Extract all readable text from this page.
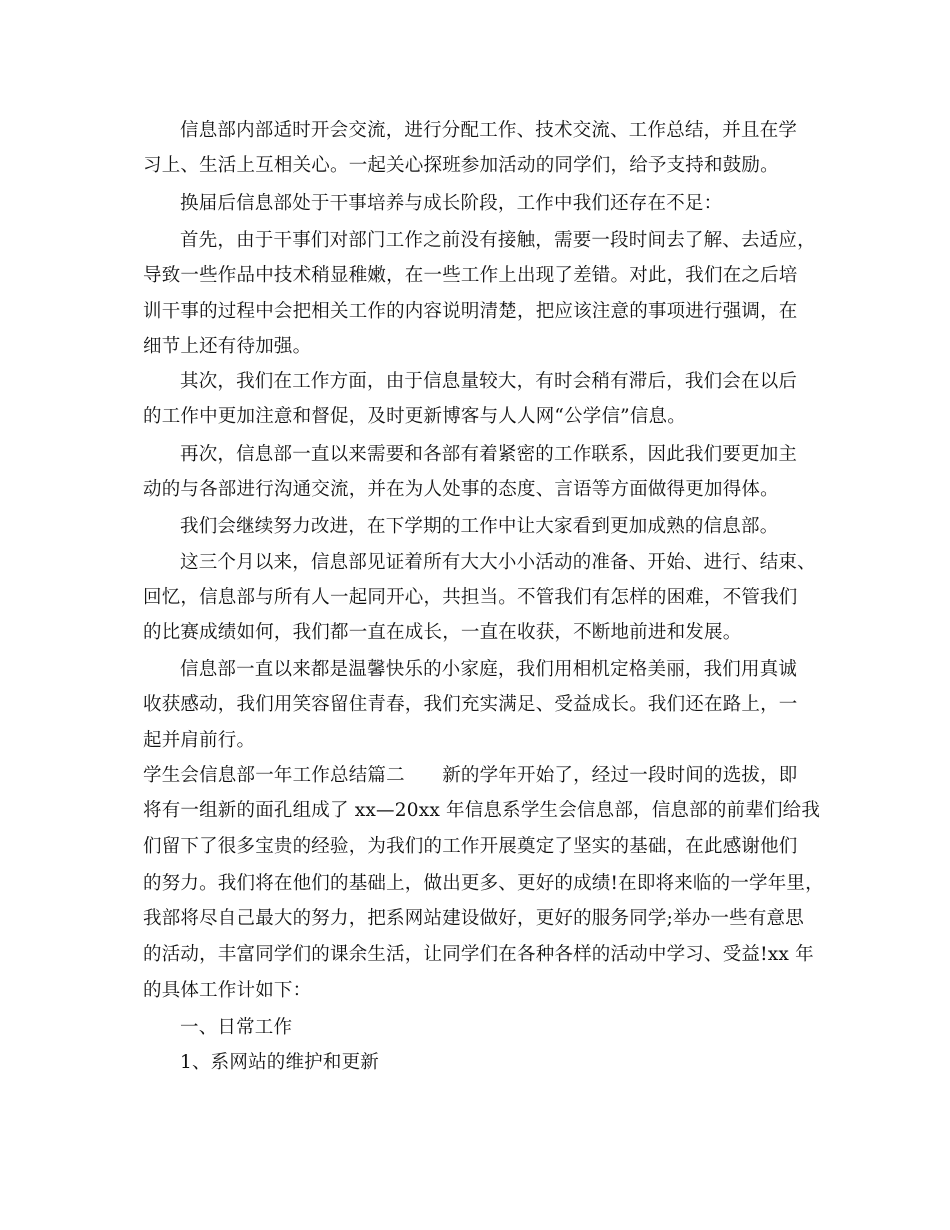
信息部内部适时开会交流，进行分配工作、技术交流、工作总结，并且在学
习上、生活上互相关心。一起关心探班参加活动的同学们，给予支持和鼓励。
换届后信息部处于干事培养与成长阶段，工作中我们还存在不足：
首先，由于干事们对部门工作之前没有接触，需要一段时间去了解、去适应，
导致一些作品中技术稍显稚嫩，在一些工作上出现了差错。对此，我们在之后培
训干事的过程中会把相关工作的内容说明清楚，把应该注意的事项进行强调，在
细节上还有待加强。
其次，我们在工作方面，由于信息量较大，有时会稍有滞后，我们会在以后
的工作中更加注意和督促，及时更新博客与人人网“公学信”信息。
再次，信息部一直以来需要和各部有着紧密的工作联系，因此我们要更加主
动的与各部进行沟通交流，并在为人处事的态度、言语等方面做得更加得体。
我们会继续努力改进，在下学期的工作中让大家看到更加成熟的信息部。
这三个月以来，信息部见证着所有大大小小活动的准备、开始、进行、结束、
回忆，信息部与所有人一起同开心，共担当。不管我们有怎样的困难，不管我们
的比赛成绩如何，我们都一直在成长，一直在收获，不断地前进和发展。
信息部一直以来都是温馨快乐的小家庭，我们用相机定格美丽，我们用真诚
收获感动，我们用笑容留住青春，我们充实满足、受益成长。我们还在路上，一
起并肩前行。
学生会信息部一年工作总结篇二　　新的学年开始了，经过一段时间的选拔，即
将有一组新的面孔组成了 xx—20xx 年信息系学生会信息部，信息部的前辈们给我
们留下了很多宝贵的经验，为我们的工作开展奠定了坚实的基础，在此感谢他们
的努力。我们将在他们的基础上，做出更多、更好的成绩!在即将来临的一学年里，
我部将尽自己最大的努力，把系网站建设做好，更好的服务同学;举办一些有意思
的活动，丰富同学们的课余生活，让同学们在各种各样的活动中学习、受益!xx 年
的具体工作计如下：
一、日常工作
1、系网站的维护和更新
